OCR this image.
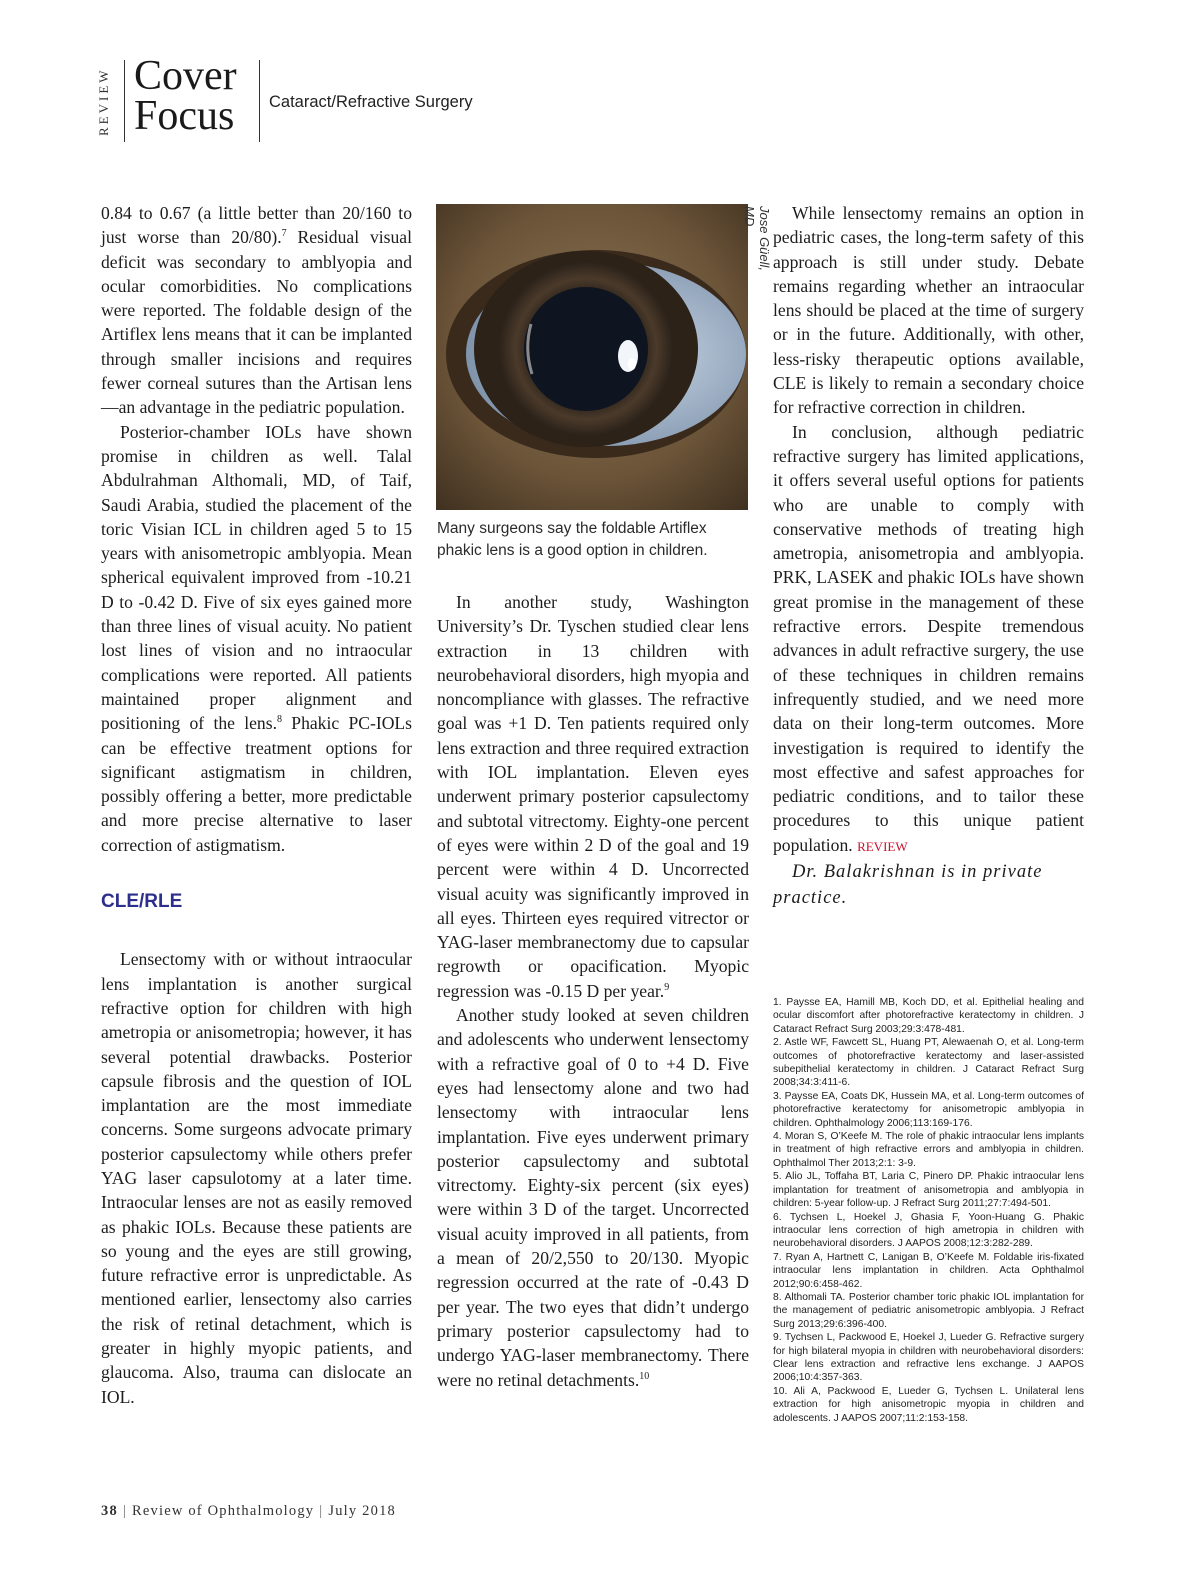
REVIEW Cover
Focus Cataract/Refractive Surgery

0.84 to 0.67 (a little better than 20/160 to just worse than 20/80).$^7$ Residual visual deficit was secondary to amblyopia and ocular comorbidities. No complications were reported. The foldable design of the Artiflex lens means that it can be implanted through smaller incisions and requires fewer corneal sutures than the Artisan lens—an advantage in the pediatric population.

Posterior-chamber IOLs have shown promise in children as well. Talal Abdulrahman Althomali, MD, of Taif, Saudi Arabia, studied the placement of the toric Visian ICL in children aged 5 to 15 years with anisometropic amblyopia. Mean spherical equivalent improved from -10.21 D to -0.42 D. Five of six eyes gained more than three lines of visual acuity. No patient lost lines of vision and no intraocular complications were reported. All patients maintained proper alignment and positioning of the lens.$^8$ Phakic PC-IOLs can be effective treatment options for significant astigmatism in children, possibly offering a better, more predictable and more precise alternative to laser correction of astigmatism.

CLE/RLE

Lensectomy with or without intraocular lens implantation is another surgical refractive option for children with high ametropia or anisometropia; however, it has several potential drawbacks. Posterior capsule fibrosis and the question of IOL implantation are the most immediate concerns. Some surgeons advocate primary posterior capsulectomy while others prefer YAG laser capsulotomy at a later time. Intraocular lenses are not as easily removed as phakic IOLs. Because these patients are so young and the eyes are still growing, future refractive error is unpredictable. As mentioned earlier, lensectomy also carries the risk of retinal detachment, which is greater in highly myopic patients, and glaucoma. Also, trauma can dislocate an IOL.

Jose Güell, MD
Many surgeons say the foldable Artiflex phakic lens is a good option in children.

In another study, Washington University’s Dr. Tyschen studied clear lens extraction in 13 children with neurobehavioral disorders, high myopia and noncompliance with glasses. The refractive goal was +1 D. Ten patients required only lens extraction and three required extraction with IOL implantation. Eleven eyes underwent primary posterior capsulectomy and subtotal vitrectomy. Eighty-one percent of eyes were within 2 D of the goal and 19 percent were within 4 D. Uncorrected visual acuity was significantly improved in all eyes. Thirteen eyes required vitrector or YAG-laser membranectomy due to capsular regrowth or opacification. Myopic regression was -0.15 D per year.$^9$

Another study looked at seven children and adolescents who underwent lensectomy with a refractive goal of 0 to +4 D. Five eyes had lensectomy alone and two had lensectomy with intraocular lens implantation. Five eyes underwent primary posterior capsulectomy and subtotal vitrectomy. Eighty-six percent (six eyes) were within 3 D of the target. Uncorrected visual acuity improved in all patients, from a mean of 20/2,550 to 20/130. Myopic regression occurred at the rate of -0.43 D per year. The two eyes that didn’t undergo primary posterior capsulectomy had to undergo YAG-laser membranectomy. There were no retinal detachments.$^{10}$

While lensectomy remains an option in pediatric cases, the long-term safety of this approach is still under study. Debate remains regarding whether an intraocular lens should be placed at the time of surgery or in the future. Additionally, with other, less-risky therapeutic options available, CLE is likely to remain a secondary choice for refractive correction in children.

In conclusion, although pediatric refractive surgery has limited applications, it offers several useful options for patients who are unable to comply with conservative methods of treating high ametropia, anisometropia and amblyopia. PRK, LASEK and phakic IOLs have shown great promise in the management of these refractive errors. Despite tremendous advances in adult refractive surgery, the use of these techniques in children remains infrequently studied, and we need more data on their long-term outcomes. More investigation is required to identify the most effective and safest approaches for pediatric conditions, and to tailor these procedures to this unique patient population. REVIEW

Dr. Balakrishnan is in private practice.

1. Paysse EA, Hamill MB, Koch DD, et al. Epithelial healing and ocular discomfort after photorefractive keratectomy in children. J Cataract Refract Surg 2003;29:3:478-481.
2. Astle WF, Fawcett SL, Huang PT, Alewaenah O, et al. Long-term outcomes of photorefractive keratectomy and laser-assisted subepithelial keratectomy in children. J Cataract Refract Surg 2008;34:3:411-6.
3. Paysse EA, Coats DK, Hussein MA, et al. Long-term outcomes of photorefractive keratectomy for anisometropic amblyopia in children. Ophthalmology 2006;113:169-176.
4. Moran S, O’Keefe M. The role of phakic intraocular lens implants in treatment of high refractive errors and amblyopia in children. Ophthalmol Ther 2013;2:1: 3-9.
5. Alio JL, Toffaha BT, Laria C, Pinero DP. Phakic intraocular lens implantation for treatment of anisometropia and amblyopia in children: 5-year follow-up. J Refract Surg 2011;27:7:494-501.
6. Tychsen L, Hoekel J, Ghasia F, Yoon-Huang G. Phakic intraocular lens correction of high ametropia in children with neurobehavioral disorders. J AAPOS 2008;12:3:282-289.
7. Ryan A, Hartnett C, Lanigan B, O’Keefe M. Foldable iris-fixated intraocular lens implantation in children. Acta Ophthalmol 2012;90:6:458-462.
8. Althomali TA. Posterior chamber toric phakic IOL implantation for the management of pediatric anisometropic amblyopia. J Refract Surg 2013;29:6:396-400.
9. Tychsen L, Packwood E, Hoekel J, Lueder G. Refractive surgery for high bilateral myopia in children with neurobehavioral disorders: Clear lens extraction and refractive lens exchange. J AAPOS 2006;10:4:357-363.
10. Ali A, Packwood E, Lueder G, Tychsen L. Unilateral lens extraction for high anisometropic myopia in children and adolescents. J AAPOS 2007;11:2:153-158.
38 | Review of Ophthalmology | July 2018
